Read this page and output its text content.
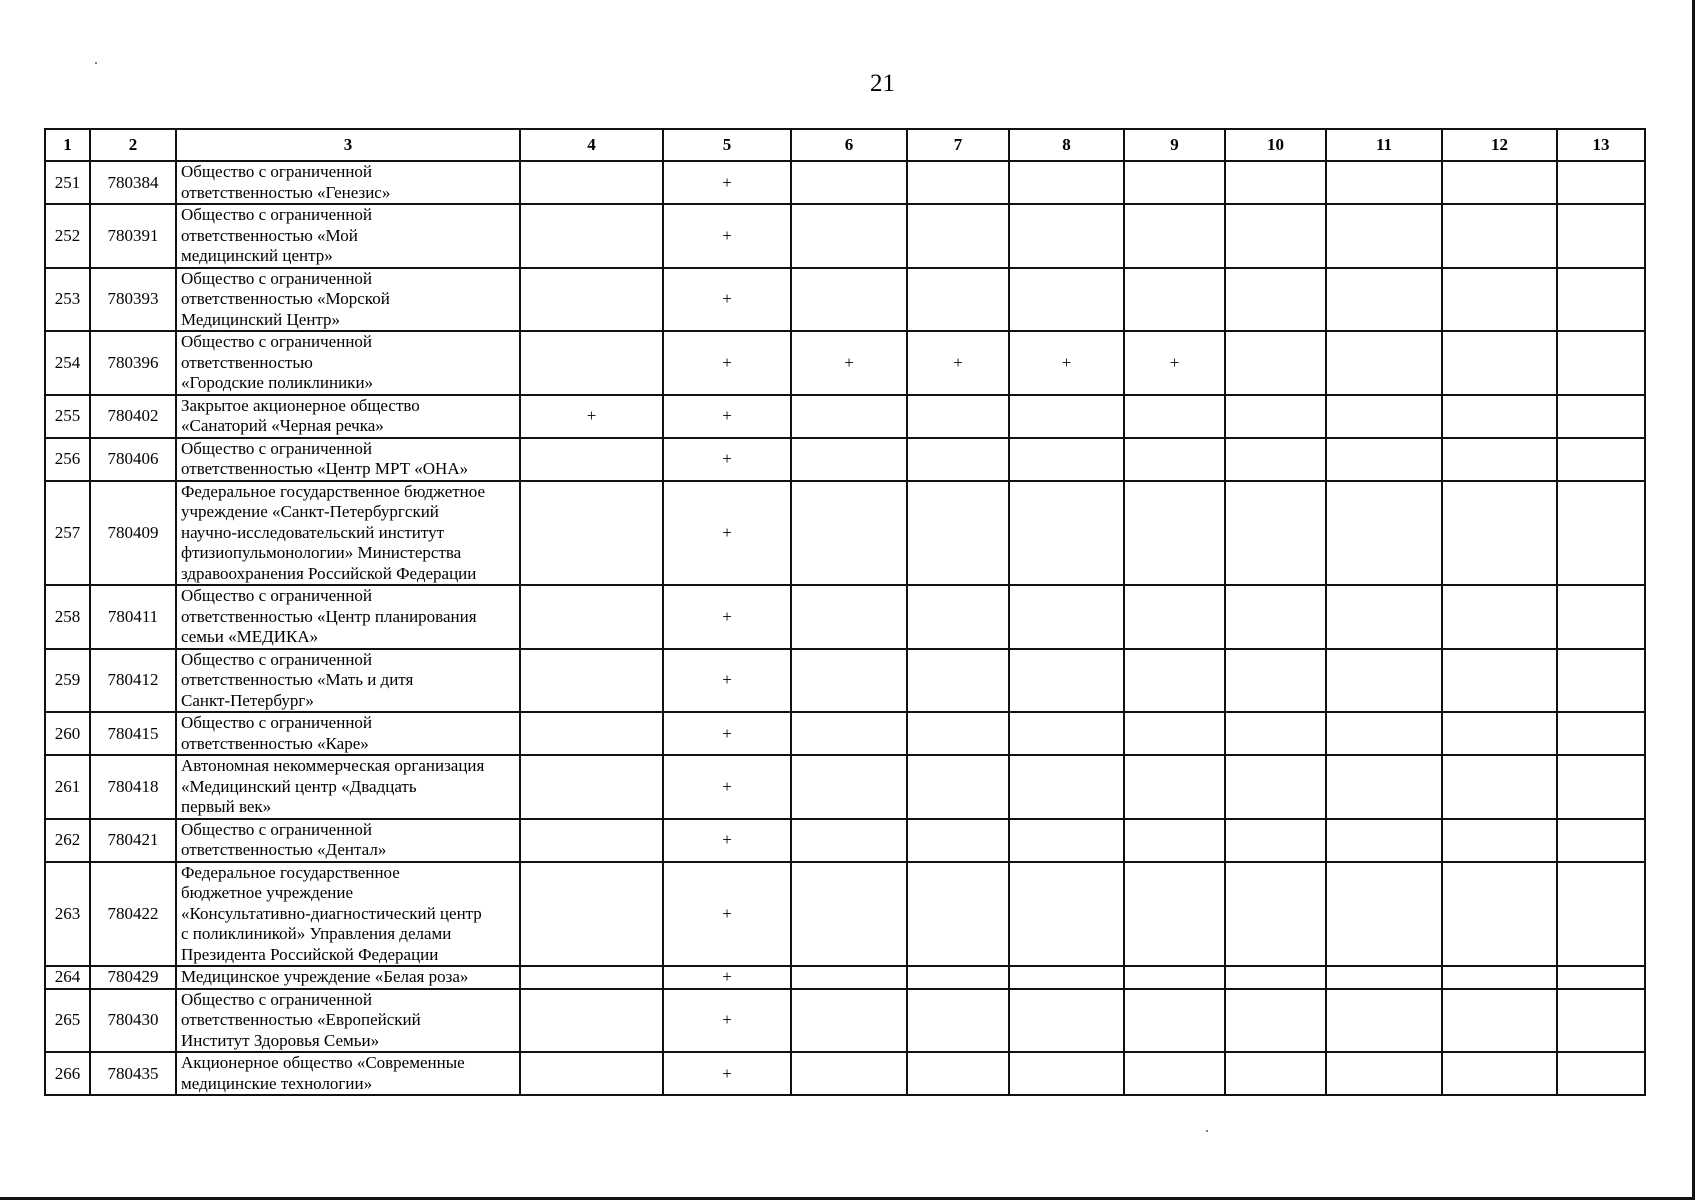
21
1	2	3	4	5	6	7	8	9	10	11	12	13
251	780384	Общество с ограниченной
ответственностью «Генезис»		+								
252	780391	Общество с ограниченной
ответственностью «Мой
медицинский центр»		+								
253	780393	Общество с ограниченной
ответственностью «Морской
Медицинский Центр»		+								
254	780396	Общество с ограниченной
ответственностью
«Городские поликлиники»		+	+	+	+	+				
255	780402	Закрытое акционерное общество
«Санаторий «Черная речка»	+	+								
256	780406	Общество с ограниченной
ответственностью «Центр МРТ «ОНА»		+								
257	780409	Федеральное государственное бюджетное
учреждение «Санкт-Петербургский
научно-исследовательский институт
фтизиопульмонологии» Министерства
здравоохранения Российской Федерации		+								
258	780411	Общество с ограниченной
ответственностью «Центр планирования
семьи «МЕДИКА»		+								
259	780412	Общество с ограниченной
ответственностью «Мать и дитя
Санкт-Петербург»		+								
260	780415	Общество с ограниченной
ответственностью «Каре»		+								
261	780418	Автономная некоммерческая организация
«Медицинский центр «Двадцать
первый век»		+								
262	780421	Общество с ограниченной
ответственностью «Дентал»		+								
263	780422	Федеральное государственное
бюджетное учреждение
«Консультативно-диагностический центр
с поликлиникой» Управления делами
Президента Российской Федерации		+								
264	780429	Медицинское учреждение «Белая роза»		+								
265	780430	Общество с ограниченной
ответственностью «Европейский
Институт Здоровья Семьи»		+								
266	780435	Акционерное общество «Современные
медицинские технологии»		+								
